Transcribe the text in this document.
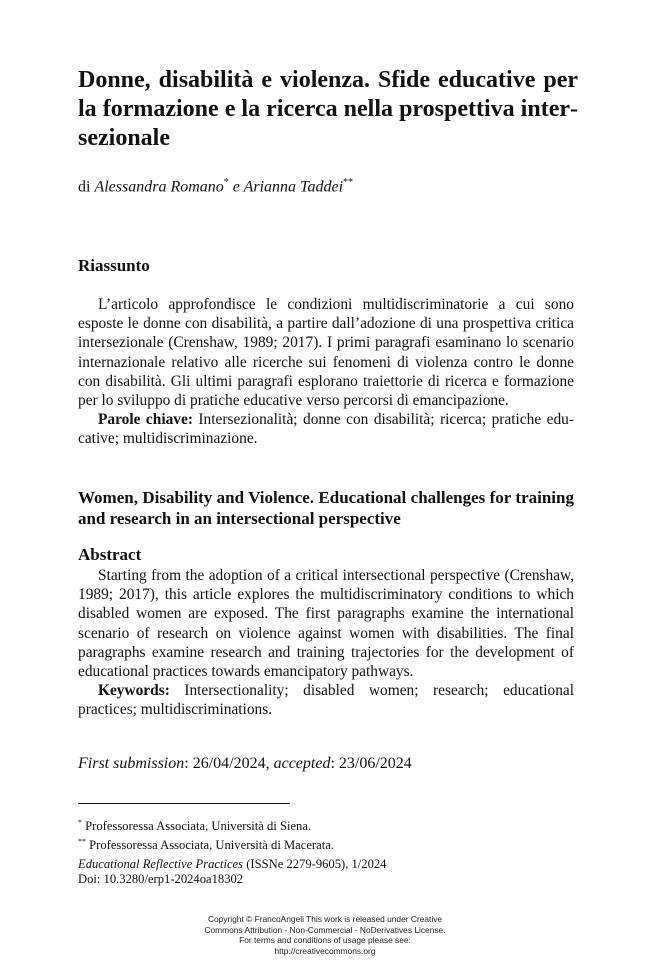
Donne, disabilità e violenza. Sfide educative per la formazione e la ricerca nella prospettiva intersezionale
di Alessandra Romano* e Arianna Taddei**
Riassunto

L’articolo approfondisce le condizioni multidiscriminatorie a cui sono esposte le donne con disabilità, a partire dall’adozione di una prospettiva critica intersezionale (Crenshaw, 1989; 2017). I primi paragrafi esaminano lo scenario internazionale relativo alle ricerche sui fenomeni di violenza contro le donne con disabilità. Gli ultimi paragrafi esplorano traiettorie di ricerca e formazione per lo sviluppo di pratiche educative verso percorsi di emancipazione.

Parole chiave: Intersezionalità; donne con disabilità; ricerca; pratiche educative; multidiscriminazione.

Women, Disability and Violence. Educational challenges for training and research in an intersectional perspective
Abstract

Starting from the adoption of a critical intersectional perspective (Crenshaw, 1989; 2017), this article explores the multidiscriminatory conditions to which disabled women are exposed. The first paragraphs examine the international scenario of research on violence against women with disabilities. The final paragraphs examine research and training trajectories for the development of educational practices towards emancipatory pathways.

Keywords: Intersectionality; disabled women; research; educational practices; multidiscriminations.

First submission: 26/04/2024, accepted: 23/06/2024
* Professoressa Associata, Università di Siena.
** Professoressa Associata, Università di Macerata.
Educational Reflective Practices (ISSNe 2279-9605), 1/2024
Doi: 10.3280/erp1-2024oa18302
Copyright © FrancoAngeli This work is released under Creative
Commons Attribution - Non-Commercial - NoDerivatives License.
For terms and conditions of usage please see:
http://creativecommons.org
